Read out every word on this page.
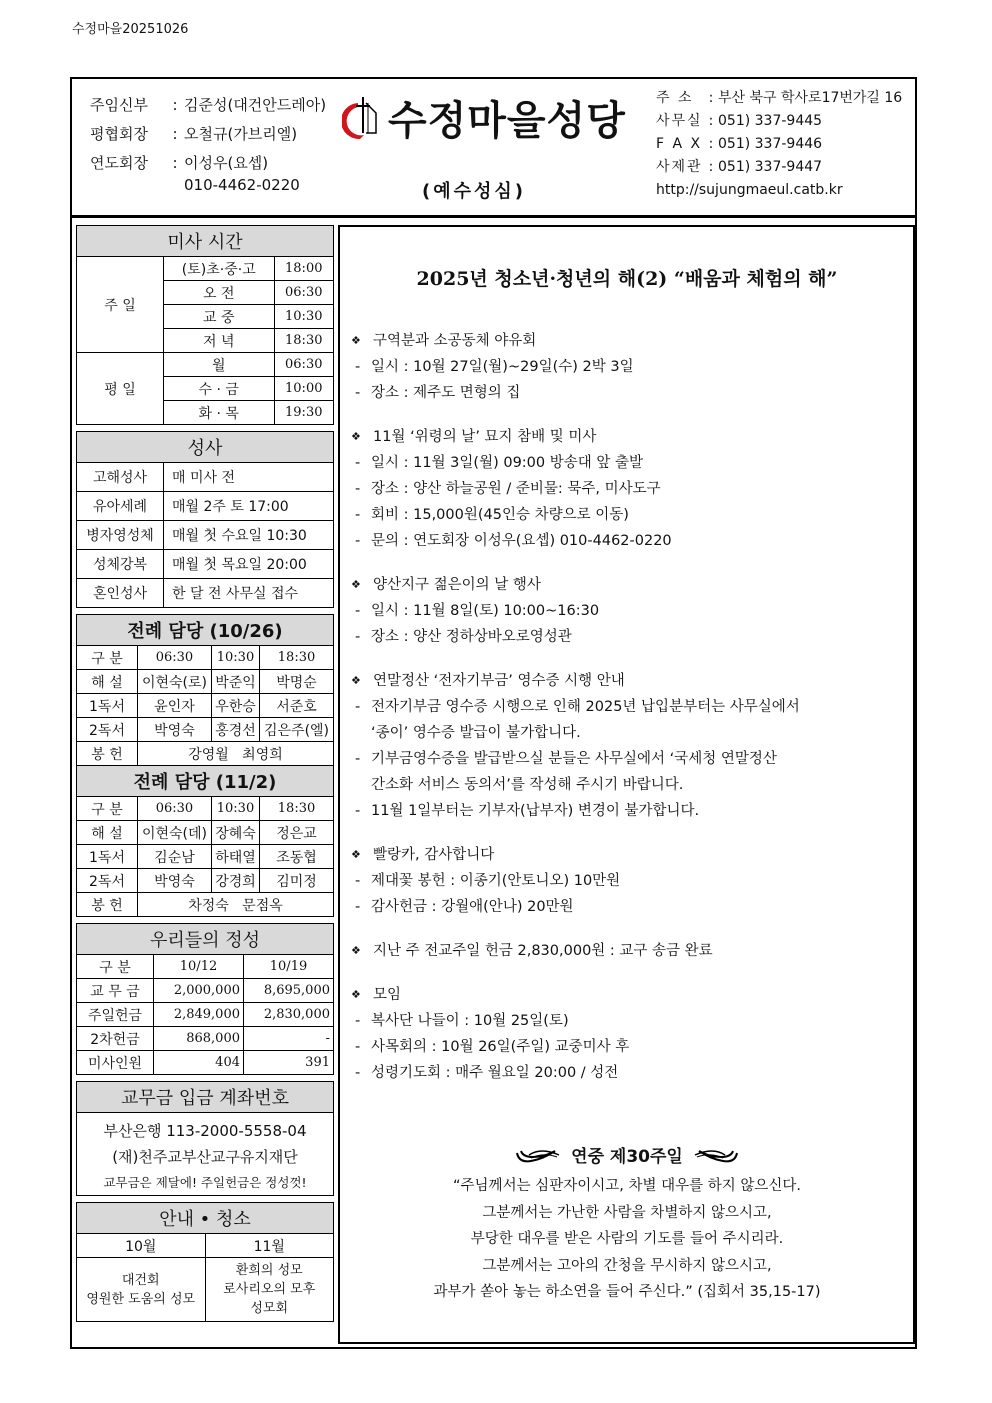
수정마을20251026
주임신부	: 김준성(대건안드레아)
평협회장	: 오철규(가브리엘)
연도회장	: 이성우(요셉)
010-4462-0220
수정마을성당
(예수성심)
주 소	: 부산 북구 학사로17번가길 16
사무실 : 051) 337-9445
F A X : 051) 337-9446
사제관 : 051) 337-9447
http://sujungmaeul.catb.kr
미사 시간		
주 일	(토)초·중·고	18:00
	오 전	06:30
	교 중	10:30
	저 녁	18:30
평 일	월	06:30
	수 · 금	10:00
	화 · 목	19:30
성사	
고해성사	매 미사 전
유아세례	매월 2주 토 17:00
병자영성체	매월 첫 수요일 10:30
성체강복	매월 첫 목요일 20:00
혼인성사	한 달 전 사무실 접수
전례 담당 (10/26)			
구 분	06:30	10:30	18:30
해 설	이현숙(로)	박준익	박명순
1독서	윤인자	우한승	서준호
2독서	박영숙	홍경선	김은주(엘)
봉 헌	강영월   최영희		
전례 담당 (11/2)			
구 분	06:30	10:30	18:30
해 설	이현숙(데)	장혜숙	정은교
1독서	김순남	하태열	조동협
2독서	박영숙	강경희	김미정
봉 헌	차정숙   문점옥		
우리들의 정성		
구 분	10/12	10/19
교 무 금	2,000,000	8,695,000
주일헌금	2,849,000	2,830,000
2차헌금	868,000	-
미사인원	404	391
교무금 입금 계좌번호
부산은행 113-2000-5558-04
(재)천주교부산교구유지재단
교무금은 제달에! 주일헌금은 정성껏!
안내 • 청소	
10월	11월

대건회
영원한 도움의 성모

환희의 성모
로사리오의 모후
성모회
2025년 청소년·청년의 해(2) “배움과 체험의 해”
❖ 구역분과 소공동체 야유회
- 일시 : 10월 27일(월)~29일(수) 2박 3일
- 장소 : 제주도 면형의 집
❖ 11월 ‘위령의 날’ 묘지 참배 및 미사
- 일시 : 11월 3일(월) 09:00 방송대 앞 출발
- 장소 : 양산 하늘공원 / 준비물: 묵주, 미사도구
- 회비 : 15,000원(45인승 차량으로 이동)
- 문의 : 연도회장 이성우(요셉) 010-4462-0220
❖ 양산지구 젊은이의 날 행사
- 일시 : 11월 8일(토) 10:00~16:30
- 장소 : 양산 정하상바오로영성관
❖ 연말정산 ‘전자기부금’ 영수증 시행 안내
- 전자기부금 영수증 시행으로 인해 2025년 납입분부터는 사무실에서
‘종이’ 영수증 발급이 불가합니다.
- 기부금영수증을 발급받으실 분들은 사무실에서 ‘국세청 연말정산
간소화 서비스 동의서’를 작성해 주시기 바랍니다.
- 11월 1일부터는 기부자(납부자) 변경이 불가합니다.
❖ 빨랑카, 감사합니다
- 제대꽃 봉헌 : 이종기(안토니오) 10만원
- 감사헌금 : 강월애(안나) 20만원
❖ 지난 주 전교주일 헌금 2,830,000원 : 교구 송금 완료
❖ 모임
- 복사단 나들이 : 10월 25일(토)
- 사목회의 : 10월 26일(주일) 교중미사 후
- 성령기도회 : 매주 월요일 20:00 / 성전
연중 제30주일
“주님께서는 심판자이시고, 차별 대우를 하지 않으신다.
그분께서는 가난한 사람을 차별하지 않으시고,
부당한 대우를 받은 사람의 기도를 들어 주시리라.
그분께서는 고아의 간청을 무시하지 않으시고,
과부가 쏟아 놓는 하소연을 들어 주신다.” (집회서 35,15-17)
